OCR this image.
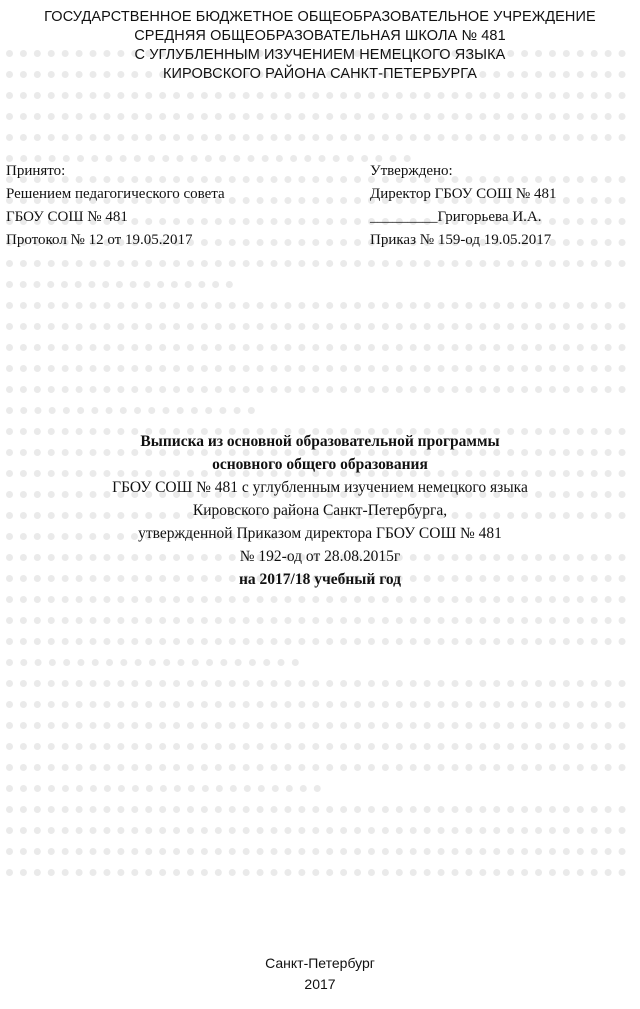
ГОСУДАРСТВЕННОЕ БЮДЖЕТНОЕ ОБЩЕОБРАЗОВАТЕЛЬНОЕ УЧРЕЖДЕНИЕ
СРЕДНЯЯ ОБЩЕОБРАЗОВАТЕЛЬНАЯ ШКОЛА № 481
С УГЛУБЛЕННЫМ ИЗУЧЕНИЕМ НЕМЕЦКОГО ЯЗЫКА
КИРОВСКОГО РАЙОНА САНКТ-ПЕТЕРБУРГА
Принято:
Решением педагогического совета
ГБОУ СОШ № 481
Протокол № 12 от 19.05.2017
Утверждено:
Директор ГБОУ СОШ № 481
_________Григорьева И.А.
Приказ № 159-од 19.05.2017
Выписка из основной образовательной программы
основного общего образования
ГБОУ СОШ № 481 с углубленным изучением немецкого языка
Кировского района Санкт-Петербурга,
утвержденной Приказом директора ГБОУ СОШ № 481
№ 192-од от 28.08.2015г
на 2017/18 учебный год
Санкт-Петербург
2017
